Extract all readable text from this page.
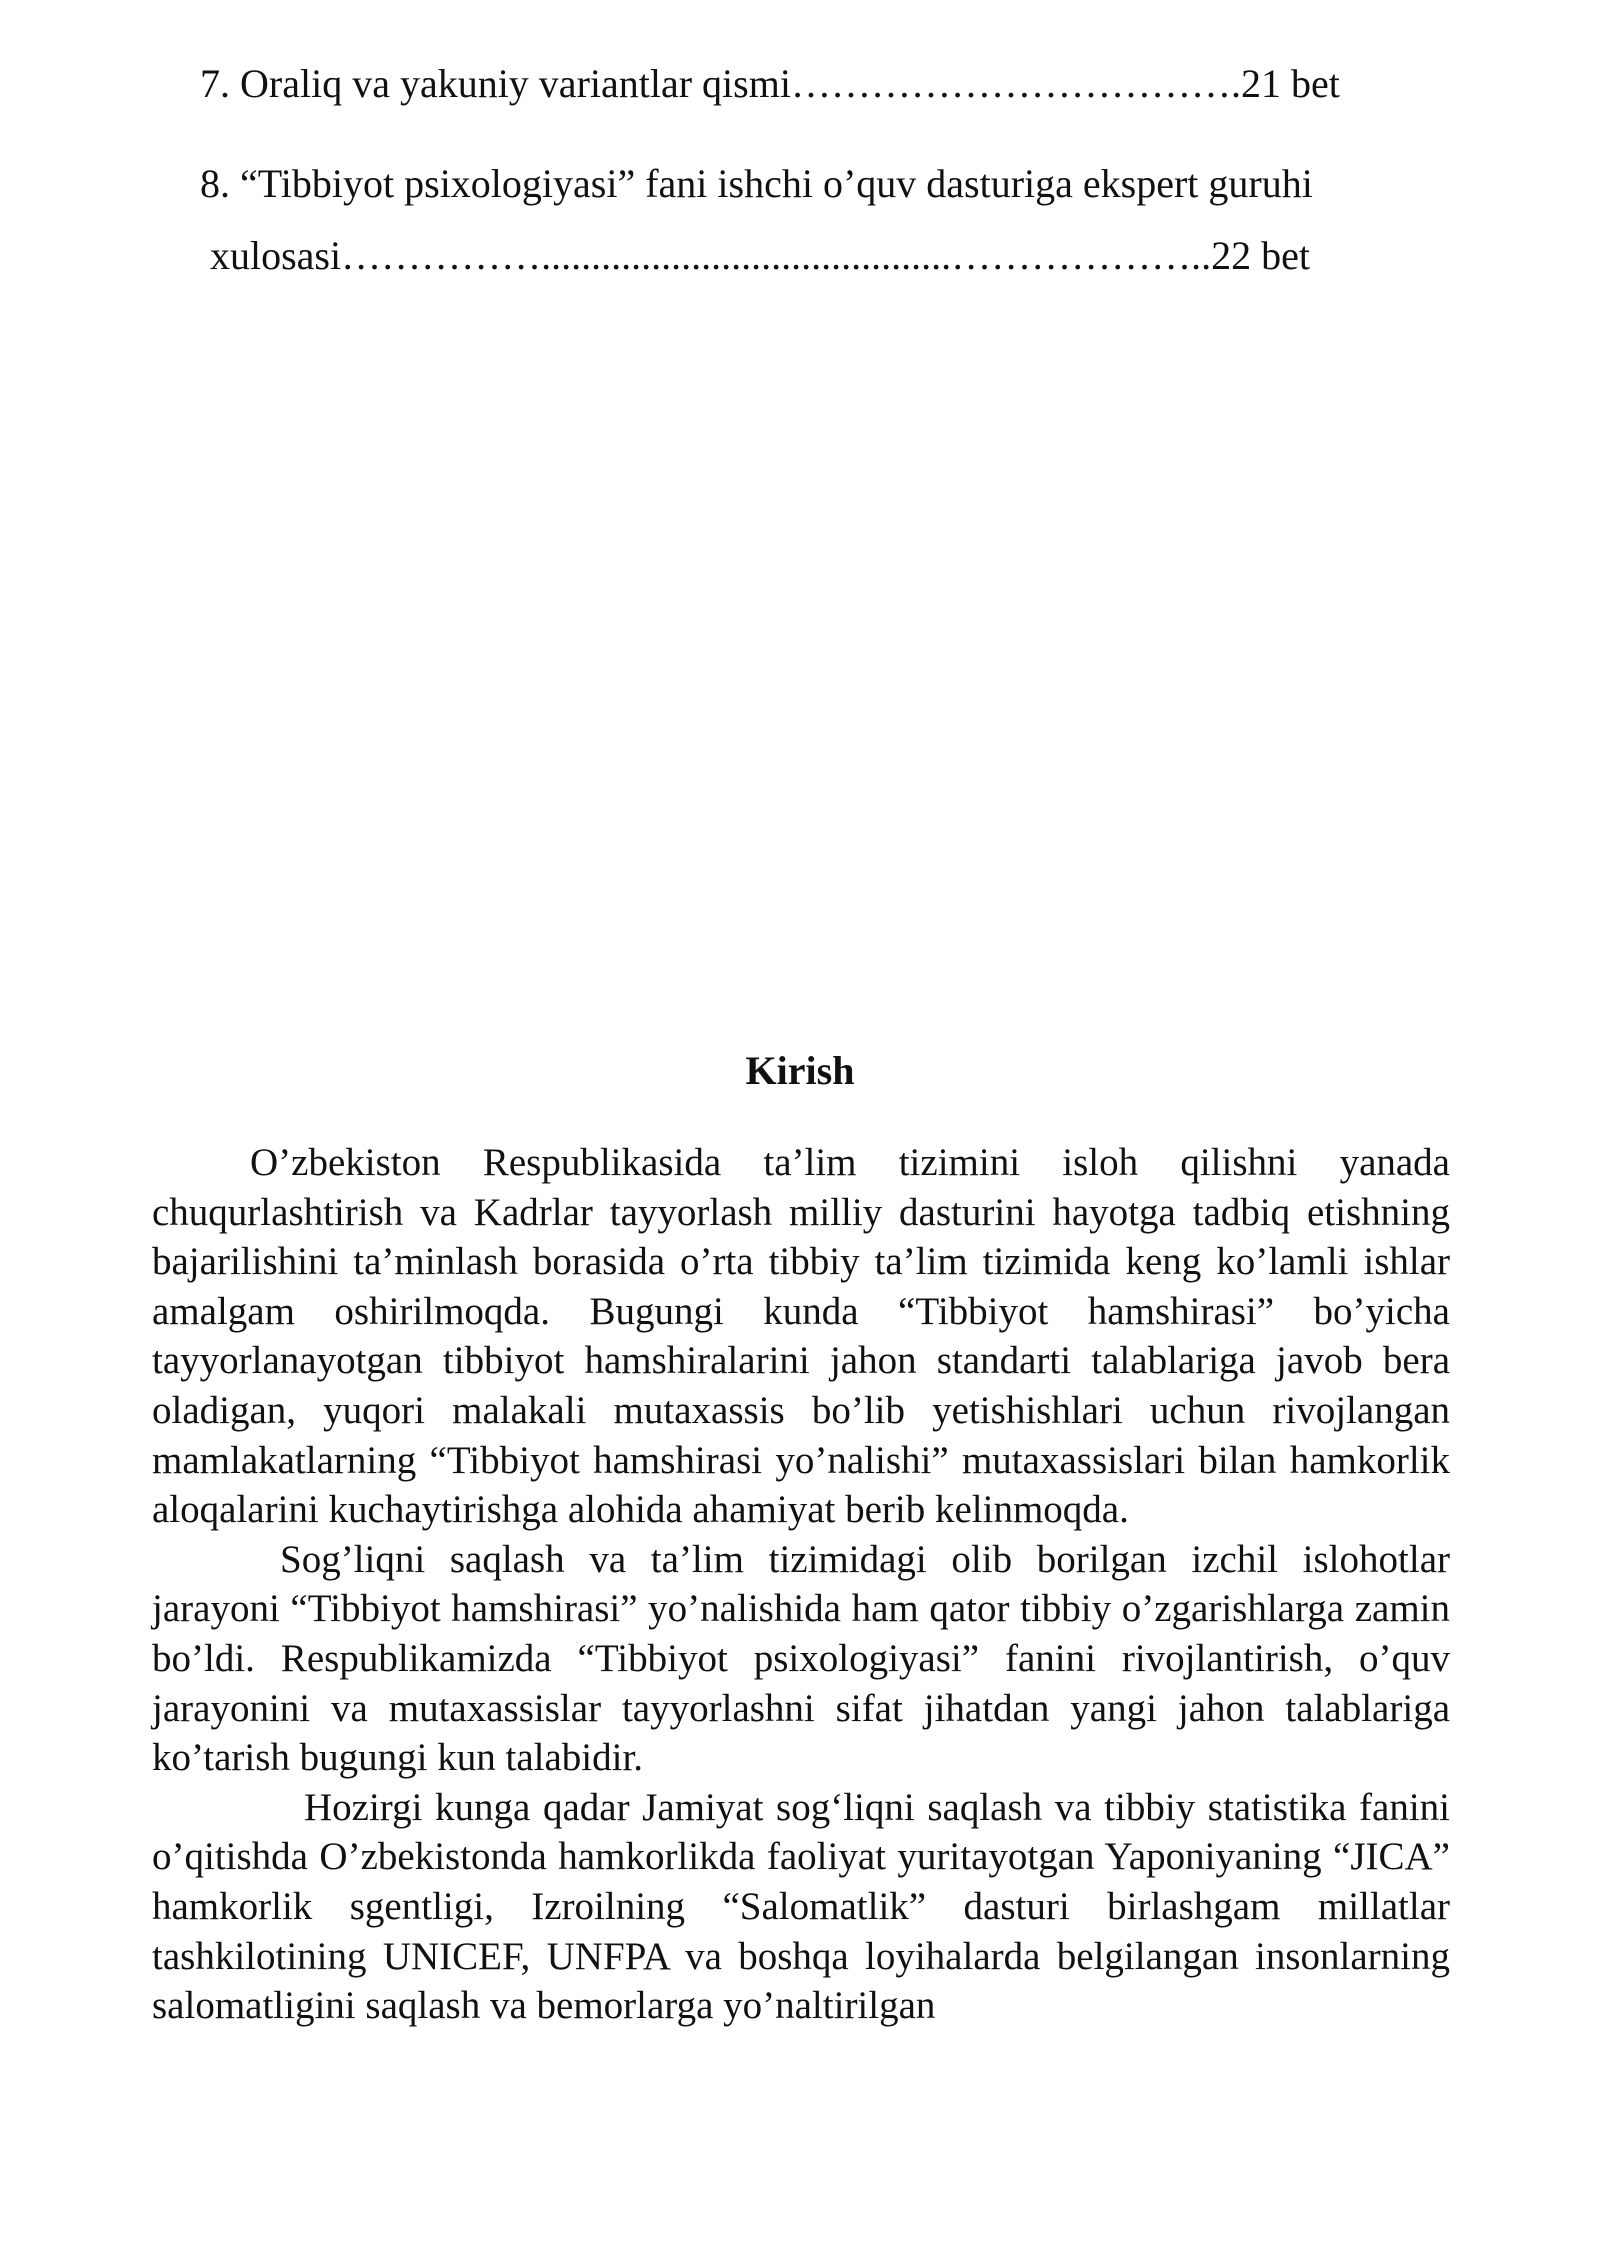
7. Oraliq va yakuniy variantlar qismi…………………………….21 bet
8. “Tibbiyot psixologiyasi” fani ishchi o’quv dasturiga ekspert guruhi
xulosasi…………….........................................………………..22 bet
Kirish

O’zbekiston Respublikasida ta’lim tizimini isloh qilishni yanada chuqurlashtirish va Kadrlar tayyorlash milliy dasturini hayotga tadbiq etishning bajarilishini ta’minlash borasida o’rta tibbiy ta’lim tizimida keng ko’lamli ishlar amalgam oshirilmoqda. Bugungi kunda “Tibbiyot hamshirasi” bo’yicha tayyorlanayotgan tibbiyot hamshiralarini jahon standarti talablariga javob bera oladigan, yuqori malakali mutaxassis bo’lib yetishishlari uchun rivojlangan mamlakatlarning “Tibbiyot hamshirasi yo’nalishi” mutaxassislari bilan hamkorlik aloqalarini kuchaytirishga alohida ahamiyat berib kelinmoqda.

Sog’liqni saqlash va ta’lim tizimidagi olib borilgan izchil islohotlar jarayoni “Tibbiyot hamshirasi” yo’nalishida ham qator tibbiy o’zgarishlarga zamin bo’ldi. Respublikamizda “Tibbiyot psixologiyasi” fanini rivojlantirish, o’quv jarayonini va mutaxassislar tayyorlashni sifat jihatdan yangi jahon talablariga ko’tarish bugungi kun talabidir.

Hozirgi kunga qadar Jamiyat sog‘liqni saqlash va tibbiy statistika fanini o’qitishda O’zbekistonda hamkorlikda faoliyat yuritayotgan Yaponiyaning “JICA” hamkorlik sgentligi, Izroilning “Salomatlik” dasturi birlashgam millatlar tashkilotining UNICEF, UNFPA va boshqa loyihalarda belgilangan insonlarning salomatligini saqlash va bemorlarga yo’naltirilgan
